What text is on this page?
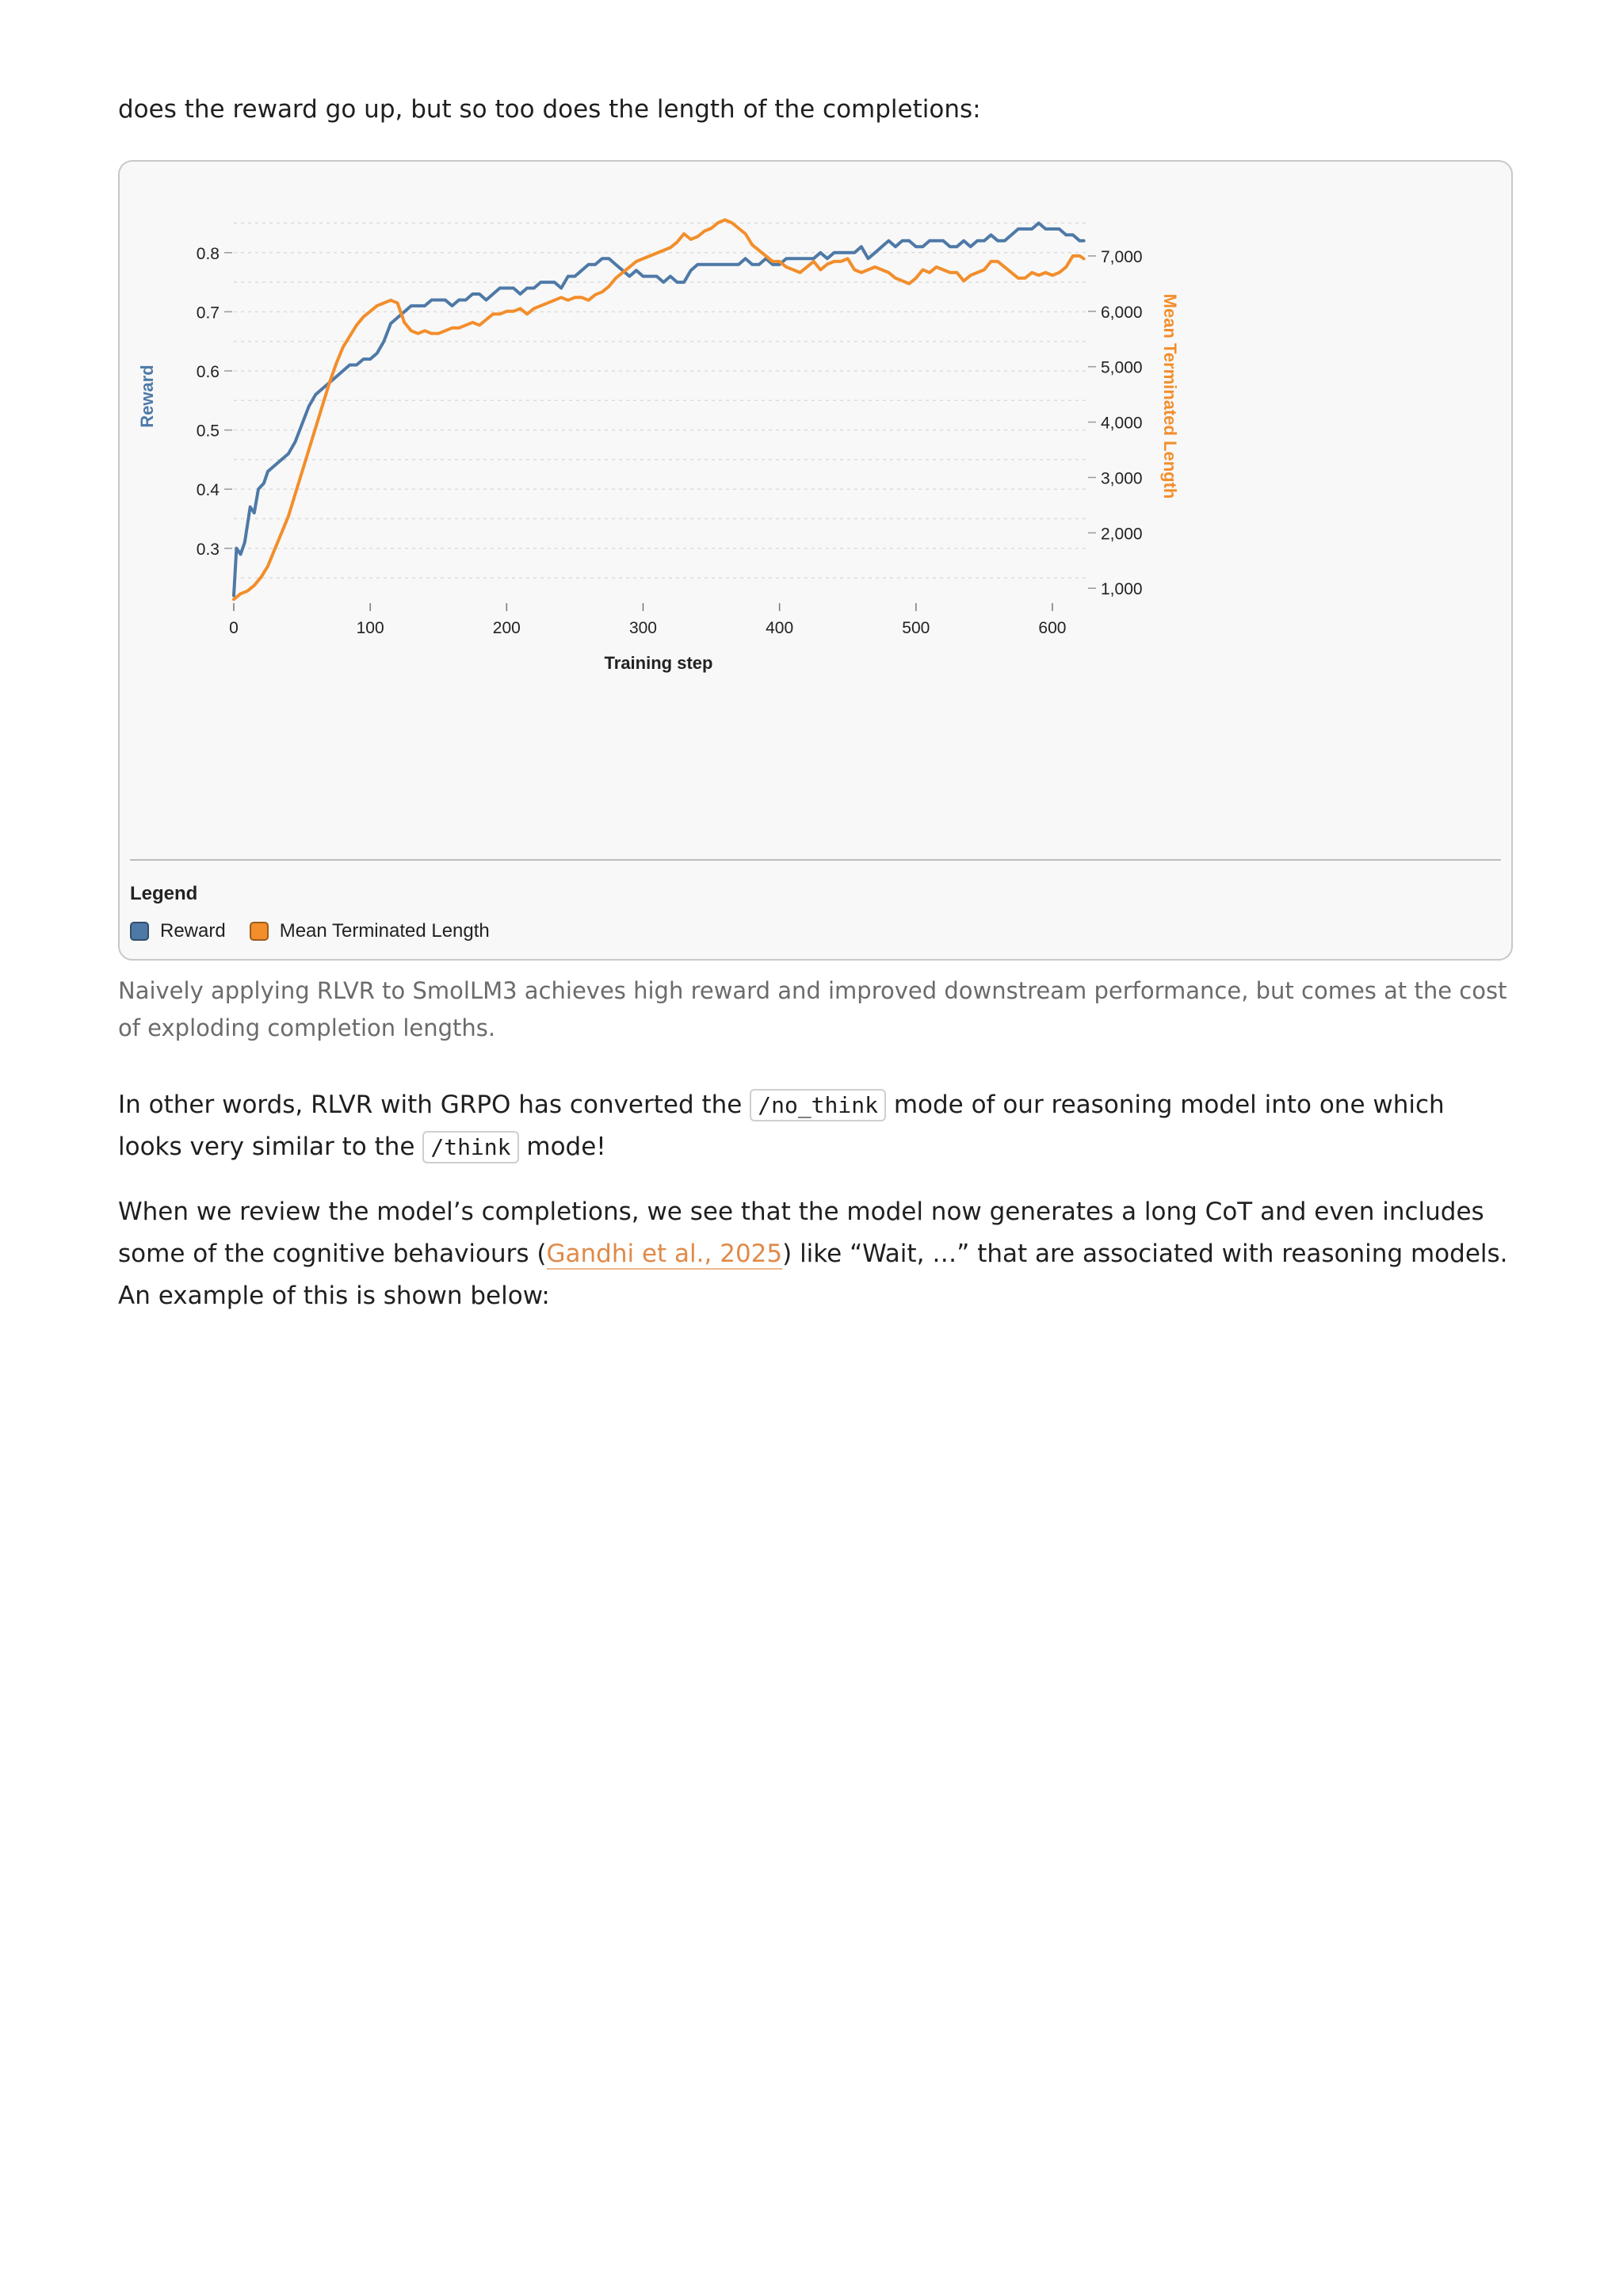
does the reward go up, but so too does the length of the completions:

0.3
0.4
0.5
0.6
0.7
0.8
1,000
2,000
3,000
4,000
5,000
6,000
7,000
0	100	200	300	400	500	600
Reward	Mean Terminated Length
Training step
Legend
Reward	Mean Terminated Length

Naively applying RLVR to SmolLM3 achieves high reward and improved downstream performance, but comes at the cost of exploding completion lengths.

In other words, RLVR with GRPO has converted the /no_think mode of our reasoning model into one which looks very similar to the /think mode!

When we review the model’s completions, we see that the model now generates a long CoT and even includes some of the cognitive behaviours (Gandhi et al., 2025) like “Wait, …” that are associated with reasoning models. An example of this is shown below:
